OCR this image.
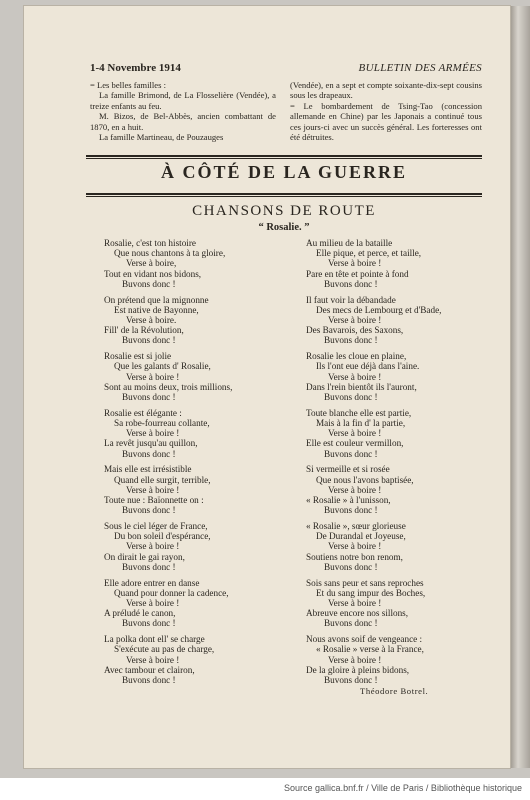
1-4 Novembre 1914	BULLETIN DES ARMÉES

= Les belles familles :

La famille Brimond, de La Flosselière (Vendée), a treize enfants au feu.

M. Bizos, de Bel-Abbès, ancien combattant de 1870, en a huit.

La famille Martineau, de Pouzauges

(Vendée), en a sept et compte soixante-dix-sept cousins sous les drapeaux.

= Le bombardement de Tsing-Tao (concession allemande en Chine) par les Japonais a continué tous ces jours-ci avec un succès général. Les forteresses ont été détruites.

À CÔTÉ DE LA GUERRE
CHANSONS DE ROUTE
“ Rosalie. ”
Rosalie, c'est ton histoire
Que nous chantons à ta gloire,
Verse à boire,
Tout en vidant nos bidons,
Buvons donc !
On prétend que la mignonne
Est native de Bayonne,
Verse à boire.
Fill' de la Révolution,
Buvons donc !
Rosalie est si jolie
Que les galants d' Rosalie,
Verse à boire !
Sont au moins deux, trois millions,
Buvons donc !
Rosalie est élégante :
Sa robe-fourreau collante,
Verse à boire !
La revêt jusqu'au quillon,
Buvons donc !
Mais elle est irrésistible
Quand elle surgit, terrible,
Verse à boire !
Toute nue : Baïonnette on :
Buvons donc !
Sous le ciel léger de France,
Du bon soleil d'espérance,
Verse à boire !
On dirait le gai rayon,
Buvons donc !
Elle adore entrer en danse
Quand pour donner la cadence,
Verse à boire !
A préludé le canon,
Buvons donc !
La polka dont ell' se charge
S'exécute au pas de charge,
Verse à boire !
Avec tambour et clairon,
Buvons donc !
Au milieu de la bataille
Elle pique, et perce, et taille,
Verse à boire !
Pare en tête et pointe à fond
Buvons donc !
Il faut voir la débandade
Des mecs de Lembourg et d'Bade,
Verse à boire !
Des Bavarois, des Saxons,
Buvons donc !
Rosalie les cloue en plaine,
Ils l'ont eue déjà dans l'aine.
Verse à boire !
Dans l'rein bientôt ils l'auront,
Buvons donc !
Toute blanche elle est partie,
Mais à la fin d' la partie,
Verse à boire !
Elle est couleur vermillon,
Buvons donc !
Si vermeille et si rosée
Que nous l'avons baptisée,
Verse à boire !
« Rosalie » à l'unisson,
Buvons donc !
« Rosalie », sœur glorieuse
De Durandal et Joyeuse,
Verse à boire !
Soutiens notre bon renom,
Buvons donc !
Sois sans peur et sans reproches
Et du sang impur des Boches,
Verse à boire !
Abreuve encore nos sillons,
Buvons donc !
Nous avons soif de vengeance :
« Rosalie » verse à la France,
Verse à boire !
De la gloire à pleins bidons,
Buvons donc !
Théodore Botrel.
Source gallica.bnf.fr / Ville de Paris / Bibliothèque historique
